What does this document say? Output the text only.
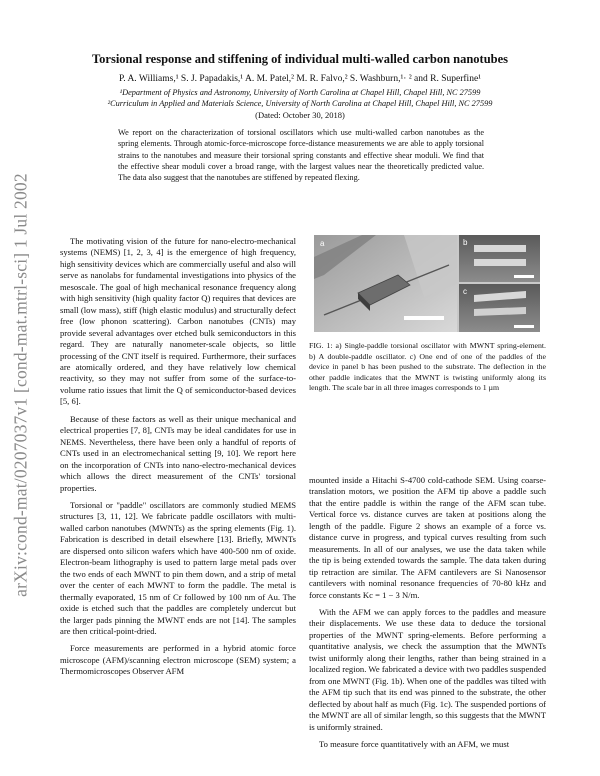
arXiv:cond-mat/0207037v1 [cond-mat.mtrl-sci] 1 Jul 2002
Torsional response and stiffening of individual multi-walled carbon nanotubes
P. A. Williams,¹ S. J. Papadakis,¹ A. M. Patel,² M. R. Falvo,² S. Washburn,¹· ² and R. Superfine¹
¹Department of Physics and Astronomy, University of North Carolina at Chapel Hill, Chapel Hill, NC 27599
²Curriculum in Applied and Materials Science, University of North Carolina at Chapel Hill, Chapel Hill, NC 27599
(Dated: October 30, 2018)

We report on the characterization of torsional oscillators which use multi-walled carbon nanotubes as the spring elements. Through atomic-force-microscope force-distance measurements we are able to apply torsional strains to the nanotubes and measure their torsional spring constants and effective shear moduli. We find that the effective shear moduli cover a broad range, with the largest values near the theoretically predicted value. The data also suggest that the nanotubes are stiffened by repeated flexing.

The motivating vision of the future for nano-electro-mechanical systems (NEMS) [1, 2, 3, 4] is the emergence of high frequency, high sensitivity devices which are commercially useful and also will serve as nanolabs for fundamental investigations into physics of the mesoscale. The goal of high mechanical resonance frequency along with high sensitivity (high quality factor Q) requires that devices are small (low mass), stiff (high elastic modulus) and structurally defect free (low phonon scattering). Carbon nanotubes (CNTs) may provide several advantages over etched bulk semiconductors in this regard. They are naturally nanometer-scale objects, so little processing of the CNT itself is required. Furthermore, their surfaces are atomically ordered, and they have relatively low chemical reactivity, so they may not suffer from some of the surface-to-volume ratio issues that limit the Q of semiconductor-based devices [5, 6].

Because of these factors as well as their unique mechanical and electrical properties [7, 8], CNTs may be ideal candidates for use in NEMS. Nevertheless, there have been only a handful of reports of CNTs used in an electromechanical setting [9, 10]. We report here on the incorporation of CNTs into nano-electro-mechanical devices which allows the direct measurement of the CNTs' torsional properties.

Torsional or "paddle" oscillators are commonly studied MEMS structures [3, 11, 12]. We fabricate paddle oscillators with multi-walled carbon nanotubes (MWNTs) as the spring elements (Fig. 1). Fabrication is described in detail elsewhere [13]. Briefly, MWNTs are dispersed onto silicon wafers which have 400-500 nm of oxide. Electron-beam lithography is used to pattern large metal pads over the two ends of each MWNT to pin them down, and a strip of metal over the center of each MWNT to form the paddle. The metal is thermally evaporated, 15 nm of Cr followed by 100 nm of Au. The oxide is etched such that the paddles are completely undercut but the larger pads pinning the MWNT ends are not [14]. The samples are then critical-point-dried.

Force measurements are performed in a hybrid atomic force microscope (AFM)/scanning electron microscope (SEM) system; a Thermomicroscopes Observer AFM

a	b
c

FIG. 1: a) Single-paddle torsional oscillator with MWNT spring-element. b) A double-paddle oscillator. c) One end of one of the paddles of the device in panel b has been pushed to the substrate. The deflection in the other paddle indicates that the MWNT is twisting uniformly along its length. The scale bar in all three images corresponds to 1 µm

mounted inside a Hitachi S-4700 cold-cathode SEM. Using coarse-translation motors, we position the AFM tip above a paddle such that the entire paddle is within the range of the AFM scan tube. Vertical force vs. distance curves are taken at positions along the length of the paddle. Figure 2 shows an example of a force vs. distance curve in progress, and typical curves resulting from such measurements. In all of our analyses, we use the data taken while the tip is being extended towards the sample. The data taken during tip retraction are similar. The AFM cantilevers are Si Nanosensor cantilevers with nominal resonance frequencies of 70-80 kHz and force constants Kc = 1 − 3 N/m.

With the AFM we can apply forces to the paddles and measure their displacements. We use these data to deduce the torsional properties of the MWNT spring-elements. Before performing a quantitative analysis, we check the assumption that the MWNTs twist uniformly along their lengths, rather than being strained in a localized region. We fabricated a device with two paddles suspended from one MWNT (Fig. 1b). When one of the paddles was tilted with the AFM tip such that its end was pinned to the substrate, the other deflected by about half as much (Fig. 1c). The suspended portions of the MWNT are all of similar length, so this suggests that the MWNT is uniformly strained.

To measure force quantitatively with an AFM, we must
